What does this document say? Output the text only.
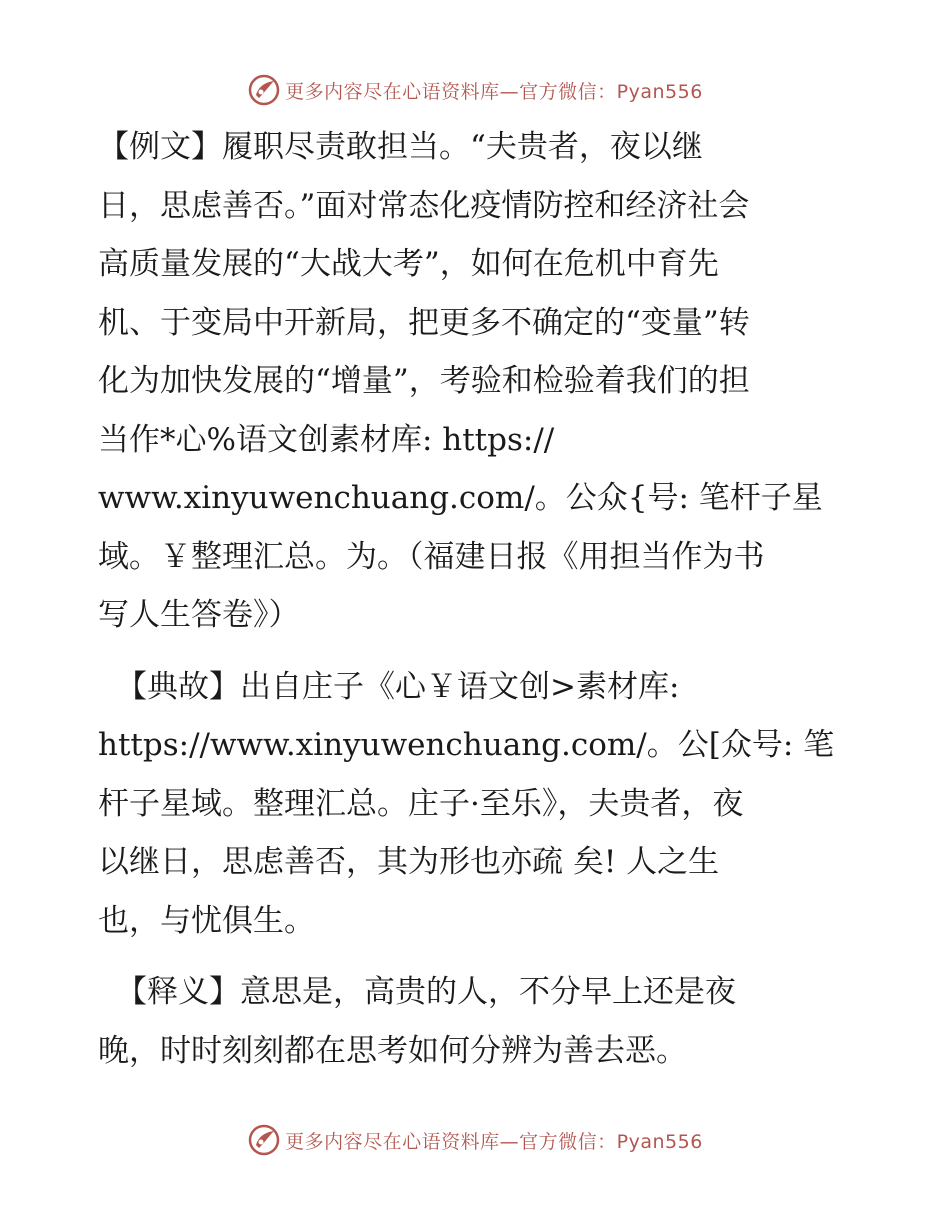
更多内容尽在心语资料库—官方微信：Pyan556
【例文】履职尽责敢担当。“夫贵者，夜以继
日，思虑善否。”面对常态化疫情防控和经济社会
高质量发展的“大战大考”，如何在危机中育先
机、于变局中开新局，把更多不确定的“变量”转
化为加快发展的“增量”，考验和检验着我们的担
当作*心%语文创素材库: https://
www.xinyuwenchuang.com/。公众{号: 笔杆子星
域。￥整理汇总。为。（福建日报《用担当作为书
写人生答卷》）
【典故】出自庄子《心￥语文创>素材库:
https://www.xinyuwenchuang.com/。公[众号: 笔
杆子星域。整理汇总。庄子·至乐》，夫贵者，夜
以继日，思虑善否，其为形也亦疏 矣! 人之生
也，与忧俱生。
【释义】意思是，高贵的人，不分早上还是夜
晚，时时刻刻都在思考如何分辨为善去恶。
更多内容尽在心语资料库—官方微信：Pyan556
